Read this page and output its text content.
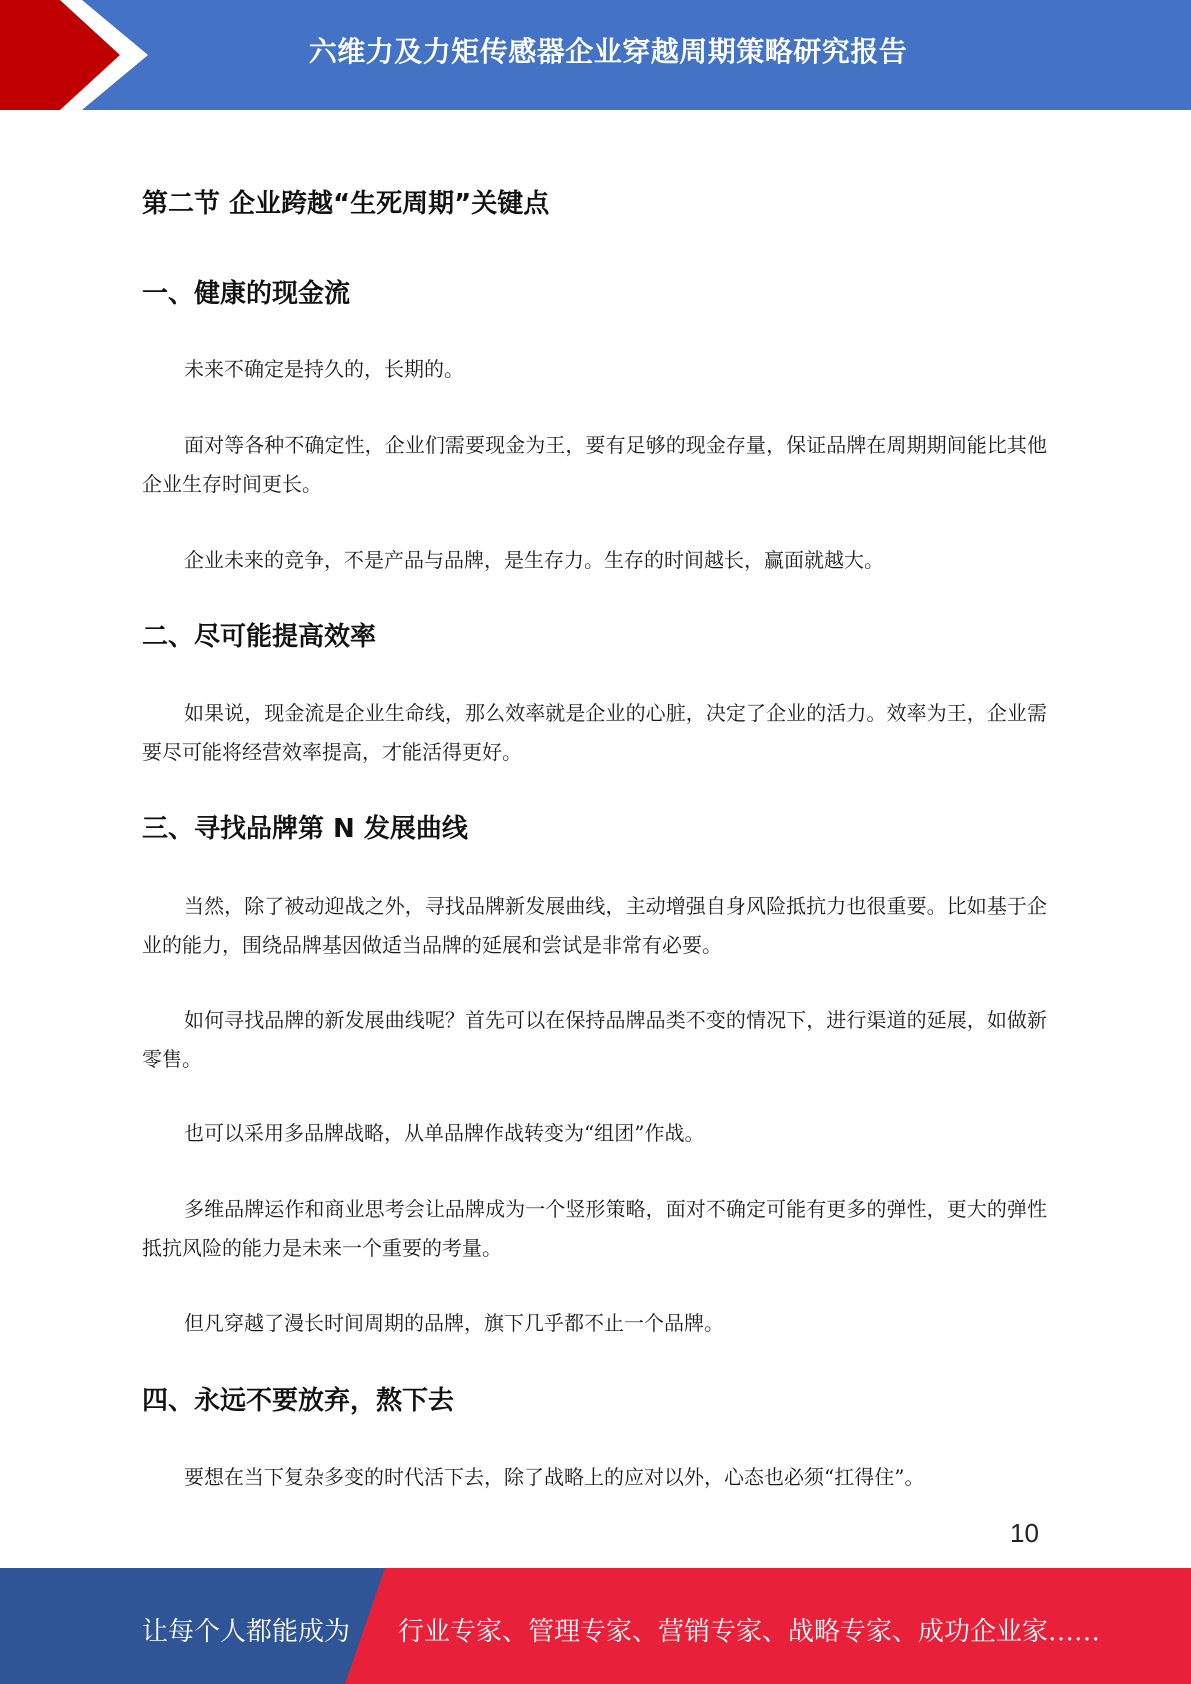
六维力及力矩传感器企业穿越周期策略研究报告
第二节 企业跨越“生死周期”关键点
一、健康的现金流

未来不确定是持久的，长期的。

面对等各种不确定性，企业们需要现金为王，要有足够的现金存量，保证品牌在周期期间能比其他企业生存时间更长。

企业未来的竞争，不是产品与品牌，是生存力。生存的时间越长，赢面就越大。

二、尽可能提高效率

如果说，现金流是企业生命线，那么效率就是企业的心脏，决定了企业的活力。效率为王，企业需要尽可能将经营效率提高，才能活得更好。

三、寻找品牌第 N 发展曲线

当然，除了被动迎战之外，寻找品牌新发展曲线，主动增强自身风险抵抗力也很重要。比如基于企业的能力，围绕品牌基因做适当品牌的延展和尝试是非常有必要。

如何寻找品牌的新发展曲线呢？首先可以在保持品牌品类不变的情况下，进行渠道的延展，如做新零售。

也可以采用多品牌战略，从单品牌作战转变为“组团”作战。

多维品牌运作和商业思考会让品牌成为一个竖形策略，面对不确定可能有更多的弹性，更大的弹性抵抗风险的能力是未来一个重要的考量。

但凡穿越了漫长时间周期的品牌，旗下几乎都不止一个品牌。

四、永远不要放弃，熬下去

要想在当下复杂多变的时代活下去，除了战略上的应对以外，心态也必须“扛得住”。

10
让每个人都能成为 行业专家、管理专家、营销专家、战略专家、成功企业家……
